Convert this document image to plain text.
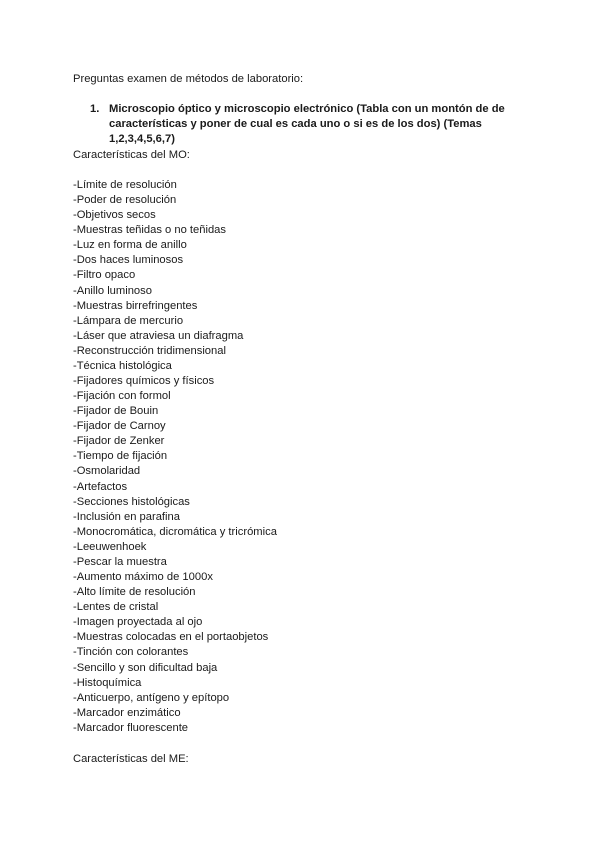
Preguntas examen de métodos de laboratorio:
1. Microscopio óptico y microscopio electrónico (Tabla con un montón de de características y poner de cual es cada uno o si es de los dos) (Temas 1,2,3,4,5,6,7)
Características del MO:
-Límite de resolución
-Poder de resolución
-Objetivos secos
-Muestras teñidas o no teñidas
-Luz en forma de anillo
-Dos haces luminosos
-Filtro opaco
-Anillo luminoso
-Muestras birrefringentes
-Lámpara de mercurio
-Láser que atraviesa un diafragma
-Reconstrucción tridimensional
-Técnica histológica
-Fijadores químicos y físicos
-Fijación con formol
-Fijador de Bouin
-Fijador de Carnoy
-Fijador de Zenker
-Tiempo de fijación
-Osmolaridad
-Artefactos
-Secciones histológicas
-Inclusión en parafina
-Monocromática, dicromática y tricrómica
-Leeuwenhoek
-Pescar la muestra
-Aumento máximo de 1000x
-Alto límite de resolución
-Lentes de cristal
-Imagen proyectada al ojo
-Muestras colocadas en el portaobjetos
-Tinción con colorantes
-Sencillo y son dificultad baja
-Histoquímica
-Anticuerpo, antígeno y epítopo
-Marcador enzimático
-Marcador fluorescente
Características del ME:
